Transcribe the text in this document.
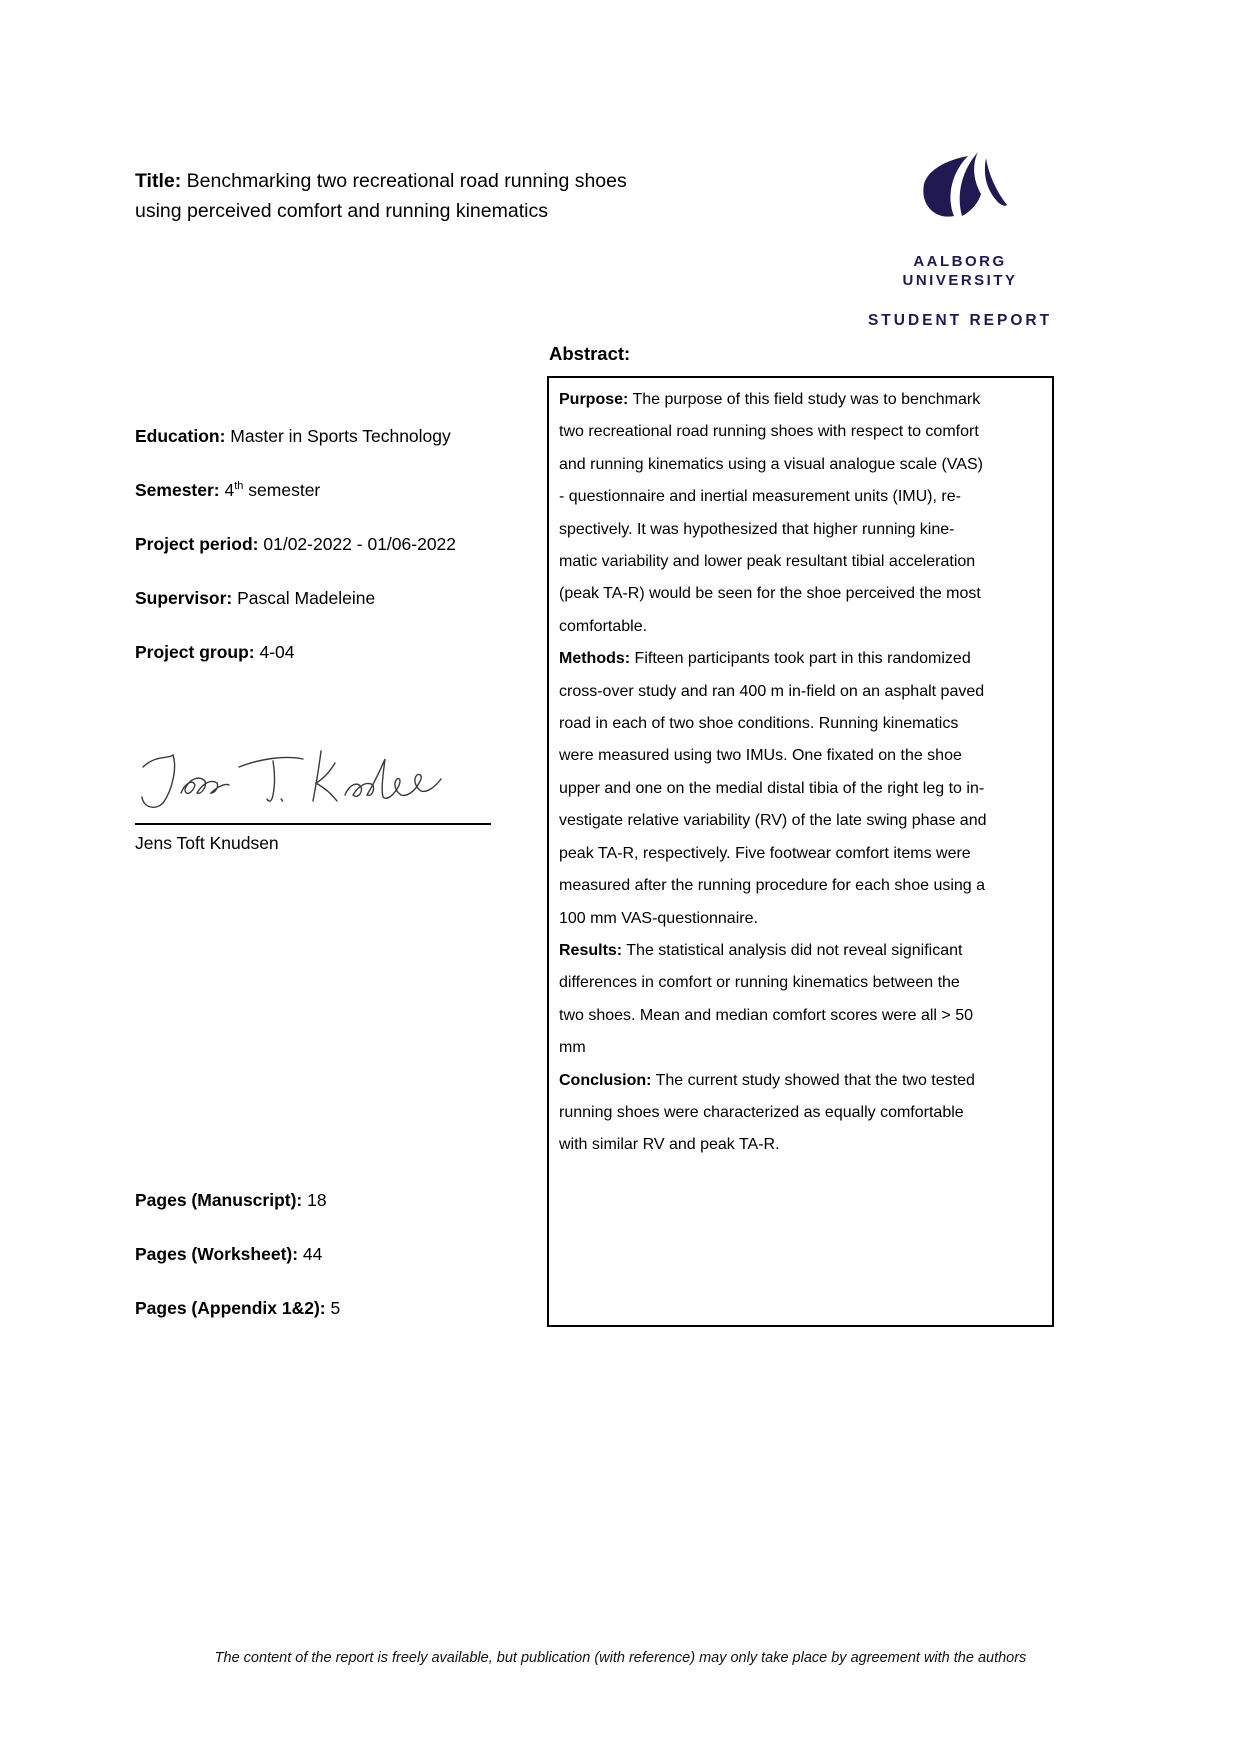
Title: Benchmarking two recreational road running shoes
using perceived comfort and running kinematics
AALBORG
UNIVERSITY
STUDENT REPORT
Education: Master in Sports Technology
Semester: 4th semester
Project period: 01/02-2022 - 01/06-2022
Supervisor: Pascal Madeleine
Project group: 4-04
Jens Toft Knudsen
Pages (Manuscript): 18
Pages (Worksheet): 44
Pages (Appendix 1&2): 5
Abstract:
Purpose: The purpose of this field study was to benchmark
two recreational road running shoes with respect to comfort
and running kinematics using a visual analogue scale (VAS)
- questionnaire and inertial measurement units (IMU), re-
spectively. It was hypothesized that higher running kine-
matic variability and lower peak resultant tibial acceleration
(peak TA-R) would be seen for the shoe perceived the most
comfortable.
Methods: Fifteen participants took part in this randomized
cross-over study and ran 400 m in-field on an asphalt paved
road in each of two shoe conditions. Running kinematics
were measured using two IMUs. One fixated on the shoe
upper and one on the medial distal tibia of the right leg to in-
vestigate relative variability (RV) of the late swing phase and
peak TA-R, respectively. Five footwear comfort items were
measured after the running procedure for each shoe using a
100 mm VAS-questionnaire.
Results: The statistical analysis did not reveal significant
differences in comfort or running kinematics between the
two shoes. Mean and median comfort scores were all > 50
mm
Conclusion: The current study showed that the two tested
running shoes were characterized as equally comfortable
with similar RV and peak TA-R.
The content of the report is freely available, but publication (with reference) may only take place by agreement with the authors
